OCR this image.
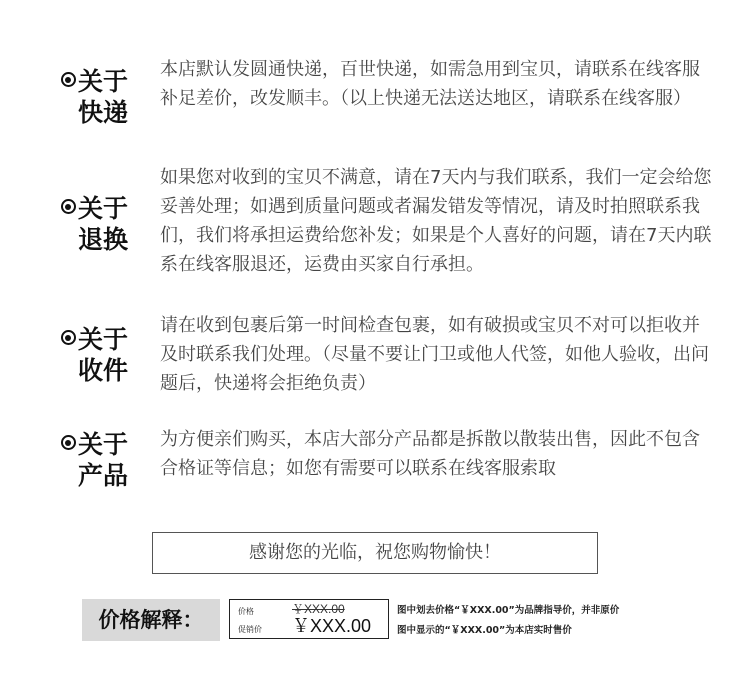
关于
快递
本店默认发圆通快递，百世快递，如需急用到宝贝，请联系在线客服补足差价，改发顺丰。（以上快递无法送达地区，请联系在线客服）
关于
退换
如果您对收到的宝贝不满意，请在7天内与我们联系，我们一定会给您妥善处理；如遇到质量问题或者漏发错发等情况，请及时拍照联系我们，我们将承担运费给您补发；如果是个人喜好的问题，请在7天内联系在线客服退还，运费由买家自行承担。
关于
收件
请在收到包裹后第一时间检查包裹，如有破损或宝贝不对可以拒收并及时联系我们处理。（尽量不要让门卫或他人代签，如他人验收，出问题后，快递将会拒绝负责）
关于
产品
为方便亲们购买，本店大部分产品都是拆散以散装出售，因此不包含合格证等信息；如您有需要可以联系在线客服索取
感谢您的光临，祝您购物愉快！
价格解释：	价格	￥XXX.00
促销价 ￥XXX.00
图中划去价格“￥XXX.00”为品牌指导价，并非原价
图中显示的“￥XXX.00”为本店实时售价
